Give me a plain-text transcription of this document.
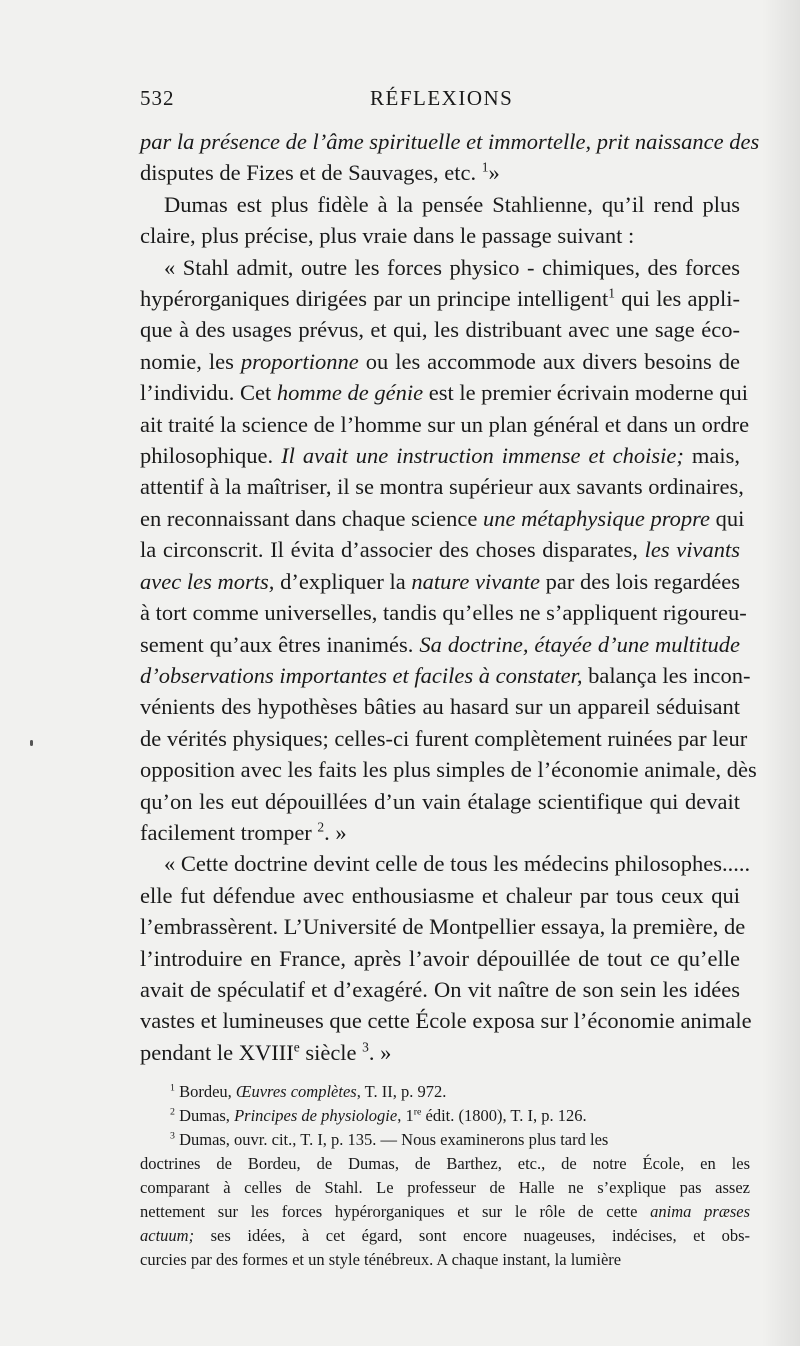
532	RÉFLEXIONS
par la présence de l’âme spirituelle et immortelle, prit naissance des
disputes de Fizes et de Sauvages, etc. $^1$»
Dumas est plus fidèle à la pensée Stahlienne, qu’il rend plus
claire, plus précise, plus vraie dans le passage suivant :
« Stahl admit, outre les forces physico - chimiques, des forces
hypérorganiques dirigées par un principe intelligent$^1$ qui les appli-
que à des usages prévus, et qui, les distribuant avec une sage éco-
nomie, les proportionne ou les accommode aux divers besoins de
l’individu. Cet homme de génie est le premier écrivain moderne qui
ait traité la science de l’homme sur un plan général et dans un ordre
philosophique. Il avait une instruction immense et choisie; mais,
attentif à la maîtriser, il se montra supérieur aux savants ordinaires,
en reconnaissant dans chaque science une métaphysique propre qui
la circonscrit. Il évita d’associer des choses disparates, les vivants
avec les morts, d’expliquer la nature vivante par des lois regardées
à tort comme universelles, tandis qu’elles ne s’appliquent rigoureu-
sement qu’aux êtres inanimés. Sa doctrine, étayée d’une multitude
d’observations importantes et faciles à constater, balança les incon-
vénients des hypothèses bâties au hasard sur un appareil séduisant
de vérités physiques; celles-ci furent complètement ruinées par leur
opposition avec les faits les plus simples de l’économie animale, dès
qu’on les eut dépouillées d’un vain étalage scientifique qui devait
facilement tromper $^2$. »
« Cette doctrine devint celle de tous les médecins philosophes.....
elle fut défendue avec enthousiasme et chaleur par tous ceux qui
l’embrassèrent. L’Université de Montpellier essaya, la première, de
l’introduire en France, après l’avoir dépouillée de tout ce qu’elle
avait de spéculatif et d’exagéré. On vit naître de son sein les idées
vastes et lumineuses que cette École exposa sur l’économie animale
pendant le XVIIIe siècle $^3$. »
$^1$ Bordeu, Œuvres complètes, T. II, p. 972.
$^2$ Dumas, Principes de physiologie, 1re édit. (1800), T. I, p. 126.
$^3$ Dumas, ouvr. cit., T. I, p. 135. — Nous examinerons plus tard les
doctrines de Bordeu, de Dumas, de Barthez, etc., de notre École, en les
comparant à celles de Stahl. Le professeur de Halle ne s’explique pas assez
nettement sur les forces hypérorganiques et sur le rôle de cette anima præses
actuum; ses idées, à cet égard, sont encore nuageuses, indécises, et obs-
curcies par des formes et un style ténébreux. A chaque instant, la lumière
